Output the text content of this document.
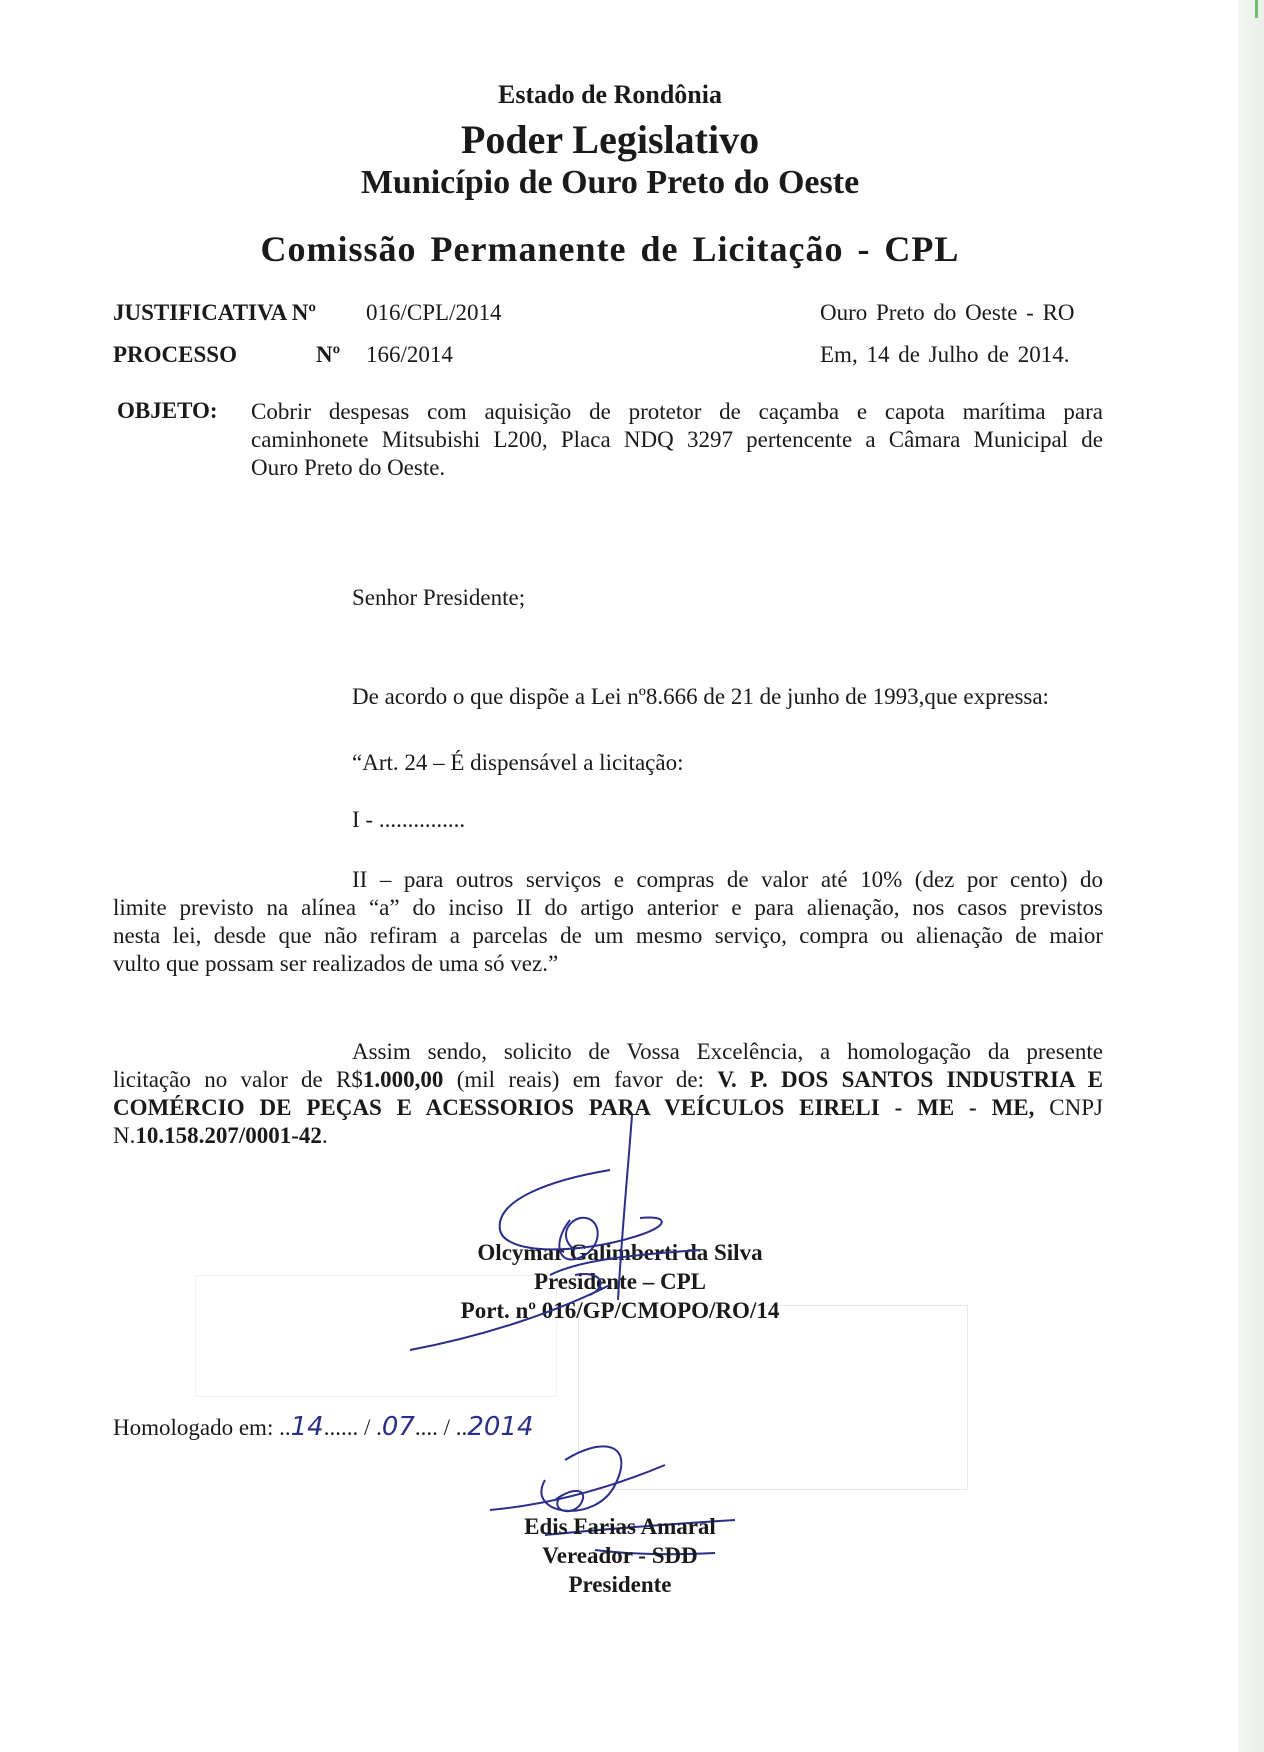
Estado de Rondônia
Poder Legislativo
Município de Ouro Preto do Oeste
Comissão Permanente de Licitação - CPL
JUSTIFICATIVA Nº 016/CPL/2014	Ouro Preto do Oeste - RO
PROCESSO	Nº 166/2014	Em, 14 de Julho de 2014.
OBJETO: Cobrir despesas com aquisição de protetor de caçamba e capota marítima para
caminhonete Mitsubishi L200, Placa NDQ 3297 pertencente a Câmara Municipal de
Ouro Preto do Oeste.
Senhor Presidente;
De acordo o que dispõe a Lei nº8.666 de 21 de junho de 1993,que expressa:
“Art. 24 – É dispensável a licitação:
I - ...............
II – para outros serviços e compras de valor até 10% (dez por cento) do
limite previsto na alínea “a” do inciso II do artigo anterior e para alienação, nos casos previstos
nesta lei, desde que não refiram a parcelas de um mesmo serviço, compra ou alienação de maior
vulto que possam ser realizados de uma só vez.”
Assim sendo, solicito de Vossa Excelência, a homologação da presente
licitação no valor de R$1.000,00 (mil reais) em favor de: V. P. DOS SANTOS INDUSTRIA E
COMÉRCIO DE PEÇAS E ACESSORIOS PARA VEÍCULOS EIRELI - ME - ME, CNPJ
N.10.158.207/0001-42.
Olcymar Galimberti da Silva
Presidente – CPL
Port. nº 016/GP/CMOPO/RO/14
Homologado em: ..14...... / .07.... / ..2014
Edis Farias Amaral
Vereador - SDD
Presidente
